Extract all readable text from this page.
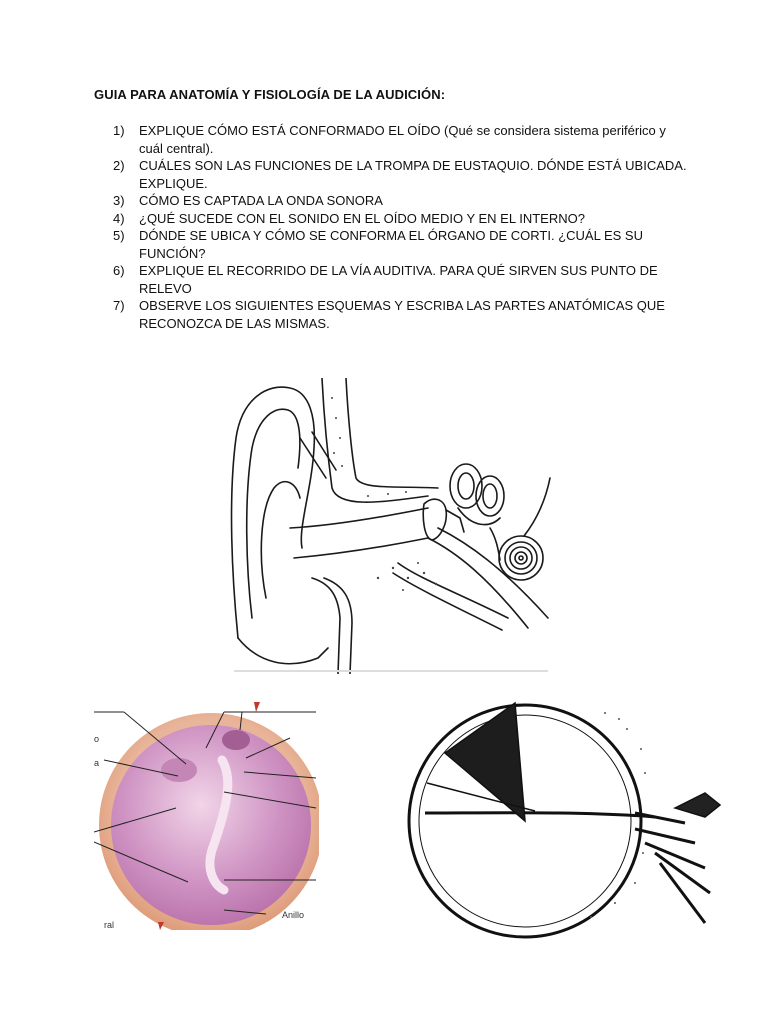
GUIA PARA ANATOMÍA Y FISIOLOGÍA DE LA AUDICIÓN:
1)	EXPLIQUE CÓMO ESTÁ CONFORMADO EL OÍDO (Qué se considera sistema periférico y cuál central).
2)	CUÁLES SON LAS FUNCIONES DE LA TROMPA DE EUSTAQUIO. DÓNDE ESTÁ UBICADA. EXPLIQUE.
3)	CÓMO ES CAPTADA LA ONDA SONORA
4)	¿QUÉ SUCEDE CON EL SONIDO EN EL OÍDO MEDIO Y EN EL INTERNO?
5)	DÓNDE SE UBICA Y CÓMO SE CONFORMA EL ÓRGANO DE CORTI. ¿CUÁL ES SU FUNCIÓN?
6)	EXPLIQUE EL RECORRIDO DE LA VÍA AUDITIVA. PARA QUÉ SIRVEN SUS PUNTO DE RELEVO
7)	OBSERVE LOS SIGUIENTES ESQUEMAS Y ESCRIBA LAS PARTES ANATÓMICAS QUE RECONOZCA DE LAS MISMAS.
o
a
ral
Anillo
